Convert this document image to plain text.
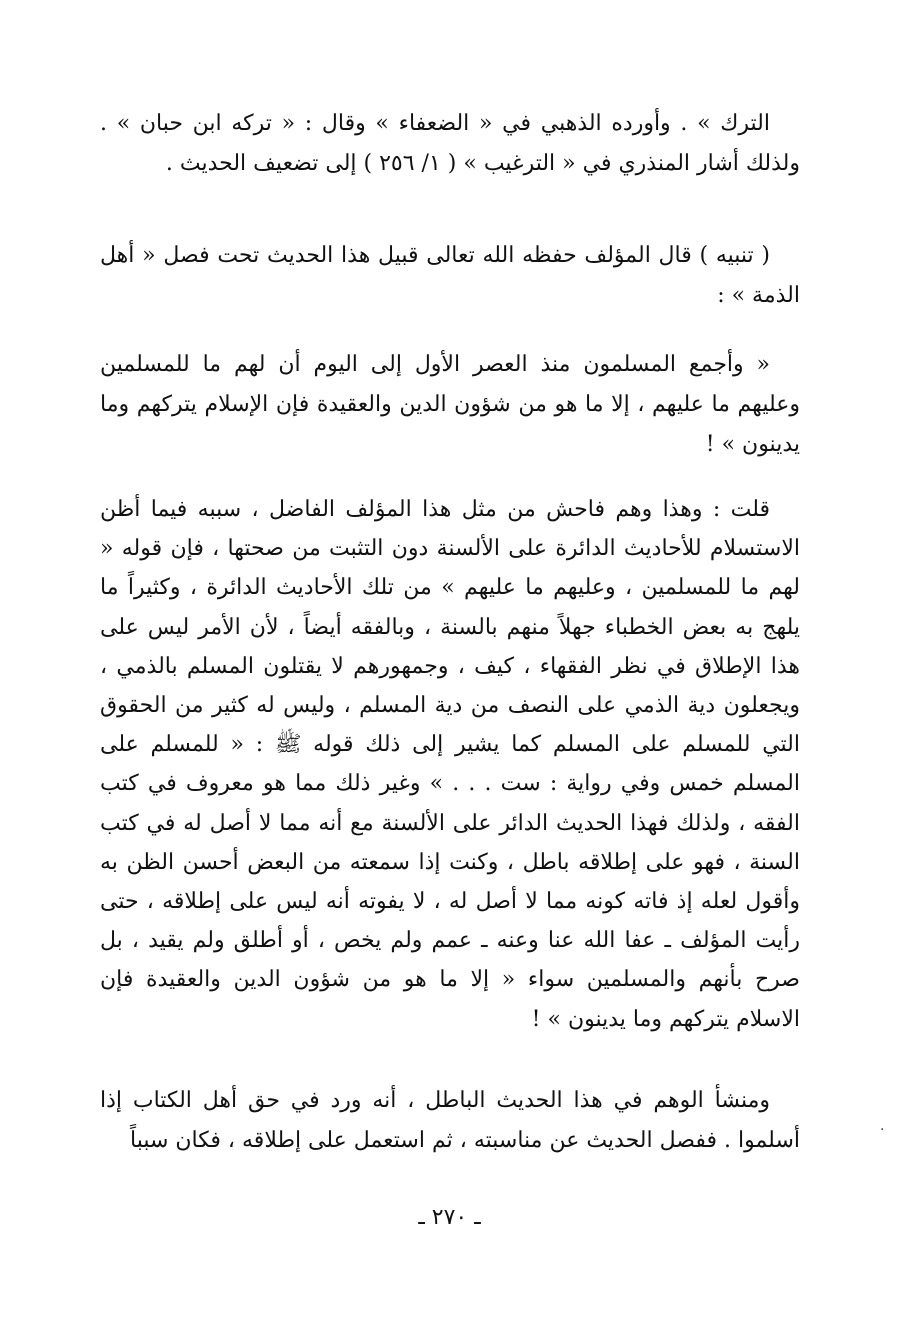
الترك » . وأورده الذهبي في « الضعفاء » وقال : « تركه ابن حبان » . ولذلك أشار المنذري في « الترغيب » ( ١/ ٢٥٦ ) إلى تضعيف الحديث .

( تنبيه ) قال المؤلف حفظه الله تعالى قبيل هذا الحديث تحت فصل « أهل الذمة » :

« وأجمع المسلمون منذ العصر الأول إلى اليوم أن لهم ما للمسلمين وعليهم ما عليهم ، إلا ما هو من شؤون الدين والعقيدة فإن الإسلام يتركهم وما يدينون » !

قلت : وهذا وهم فاحش من مثل هذا المؤلف الفاضل ، سببه فيما أظن الاستسلام للأحاديث الدائرة على الألسنة دون التثبت من صحتها ، فإن قوله « لهم ما للمسلمين ، وعليهم ما عليهم » من تلك الأحاديث الدائرة ، وكثيراً ما يلهج به بعض الخطباء جهلاً منهم بالسنة ، وبالفقه أيضاً ، لأن الأمر ليس على هذا الإطلاق في نظر الفقهاء ، كيف ، وجمهورهم لا يقتلون المسلم بالذمي ، ويجعلون دية الذمي على النصف من دية المسلم ، وليس له كثير من الحقوق التي للمسلم على المسلم كما يشير إلى ذلك قوله ﷺ : « للمسلم على المسلم خمس وفي رواية : ست . . . » وغير ذلك مما هو معروف في كتب الفقه ، ولذلك فهذا الحديث الدائر على الألسنة مع أنه مما لا أصل له في كتب السنة ، فهو على إطلاقه باطل ، وكنت إذا سمعته من البعض أحسن الظن به وأقول لعله إذ فاته كونه مما لا أصل له ، لا يفوته أنه ليس على إطلاقه ، حتى رأيت المؤلف ـ عفا الله عنا وعنه ـ عمم ولم يخص ، أو أطلق ولم يقيد ، بل صرح بأنهم والمسلمين سواء « إلا ما هو من شؤون الدين والعقيدة فإن الاسلام يتركهم وما يدينون » !

ومنشأ الوهم في هذا الحديث الباطل ، أنه ورد في حق أهل الكتاب إذا أسلموا . ففصل الحديث عن مناسبته ، ثم استعمل على إطلاقه ، فكان سبباً	·
ـ ٢٧٠ ـ
